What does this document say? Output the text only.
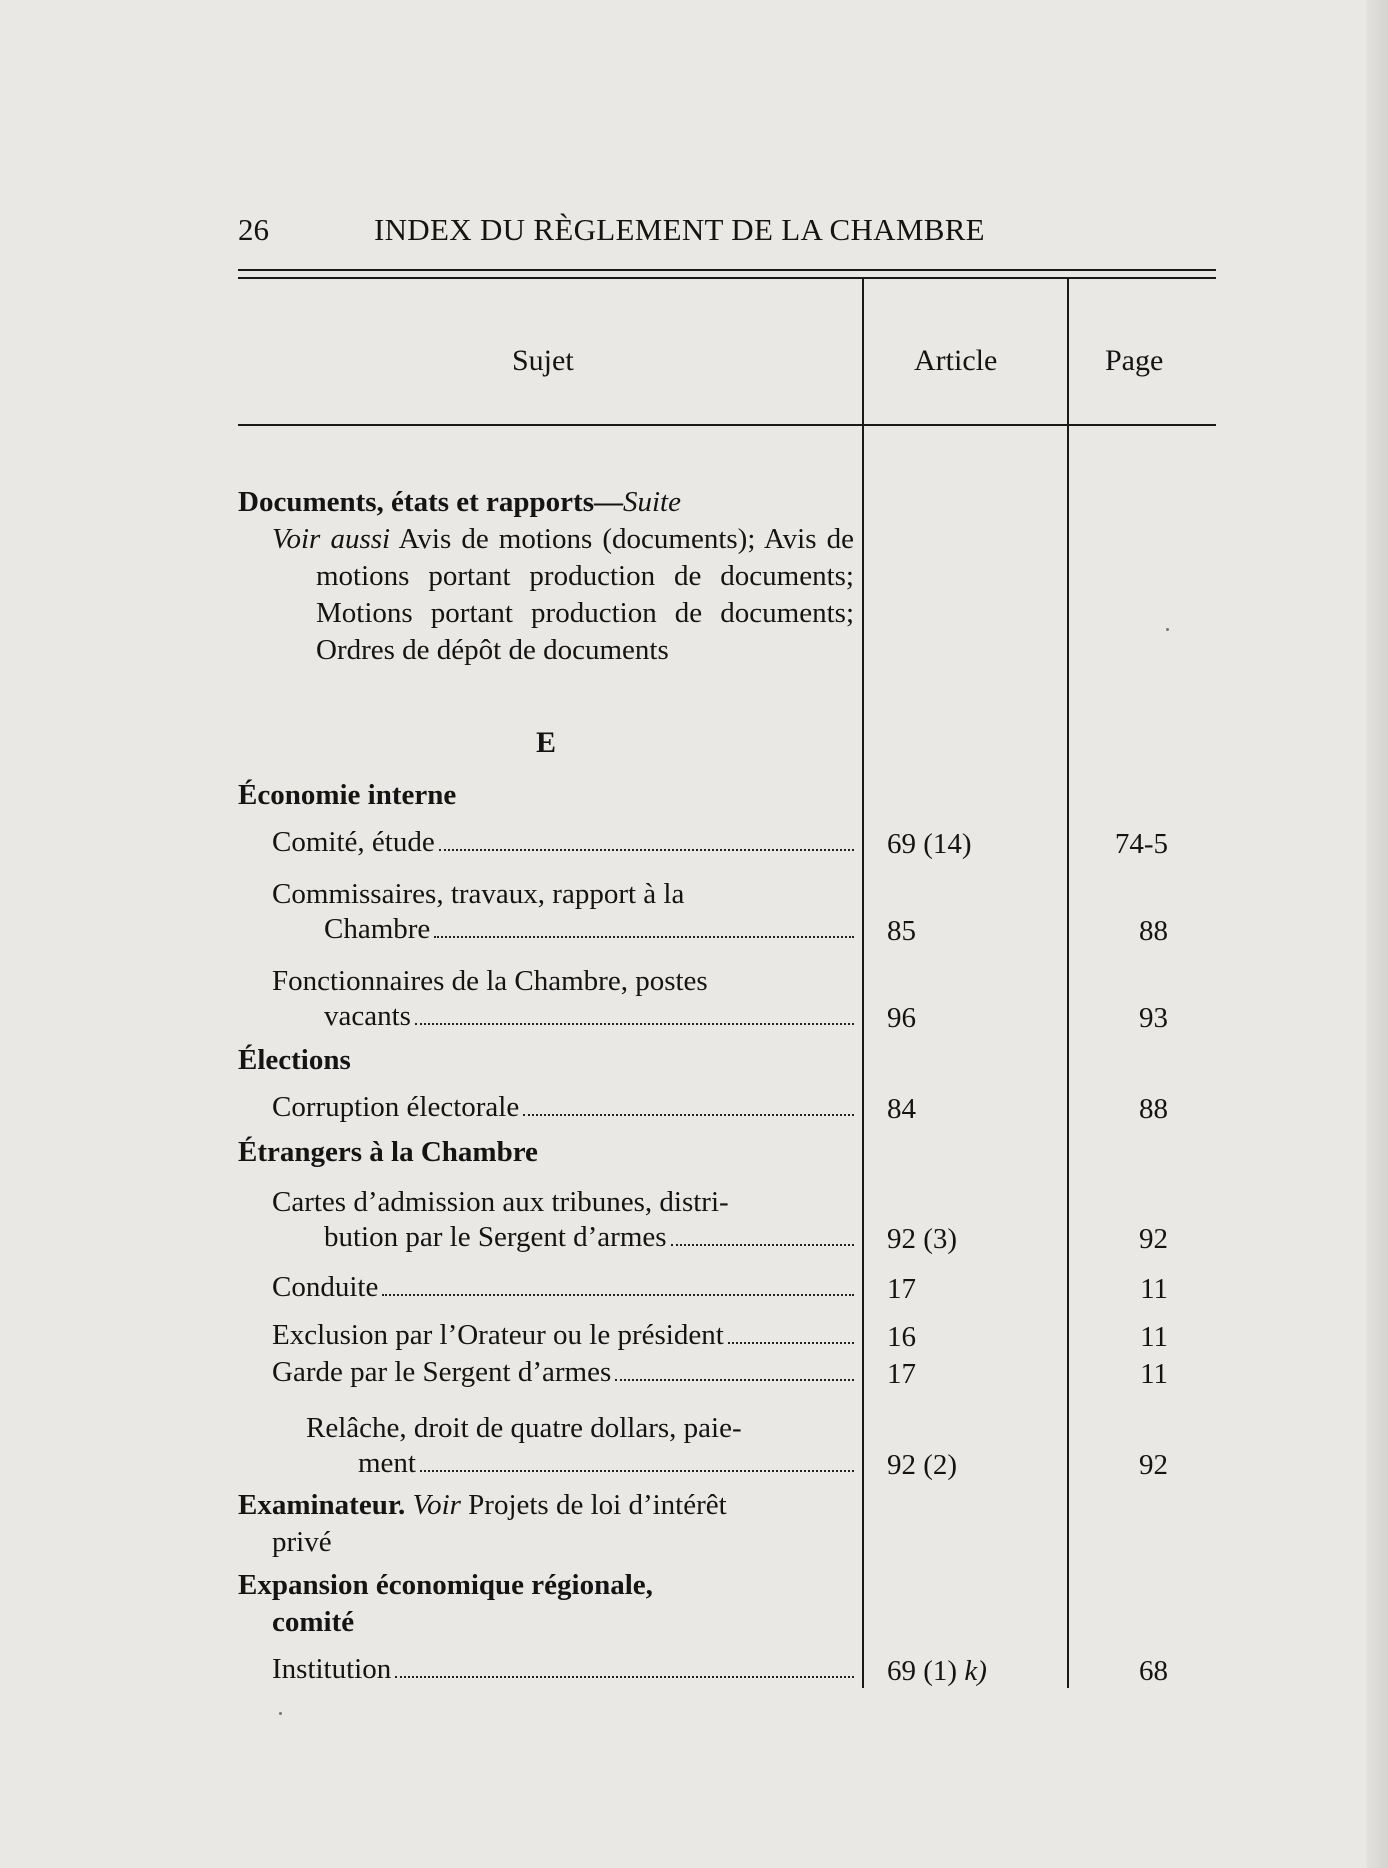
26	INDEX DU RÈGLEMENT DE LA CHAMBRE
Sujet	Article	Page
Documents, états et rapports—Suite
Voir aussi Avis de motions (documents); Avis de motions portant production de documents; Motions portant production de documents; Ordres de dépôt de documents
E
Économie interne
Comité, étude	69 (14)	74-5
Commissaires, travaux, rapport à la
Chambre	85	88
Fonctionnaires de la Chambre, postes
vacants	96	93
Élections
Corruption électorale	84	88
Étrangers à la Chambre
Cartes d’admission aux tribunes, distri-
bution par le Sergent d’armes	92 (3)	92
Conduite	17	11
Exclusion par l’Orateur ou le président	16	11
Garde par le Sergent d’armes	17	11
Relâche, droit de quatre dollars, paie-
ment	92 (2)	92
Examinateur. Voir Projets de loi d’intérêt
privé
Expansion économique régionale,
comité
Institution	69 (1) k)	68
